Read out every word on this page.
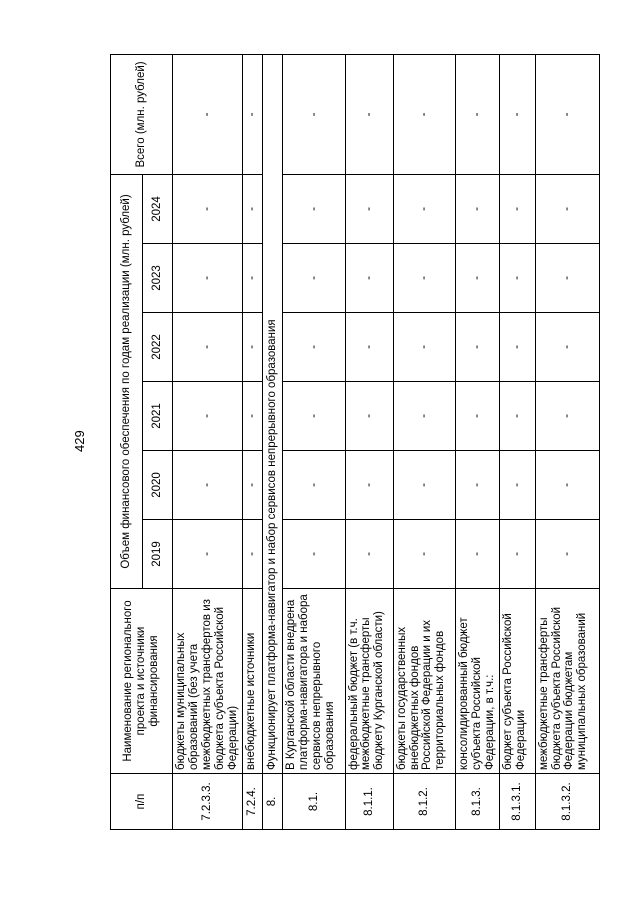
429
п/п	Наименование регионального проекта и источники финансирования	Объем финансового обеспечения по годам реализации (млн. рублей)						Всего (млн. рублей)
		2019	2020	2021	2022	2023	2024	
7.2.3.3.	бюджеты муниципальных образований (без учета межбюджетных трансфертов из бюджета субъекта Российской Федерации)	-	-	-	-	-	-	-
7.2.4.	внебюджетные источники	-	-	-	-	-	-	-
8.	Функционирует платформа-навигатор и набор сервисов непрерывного образования							
8.1.	В Курганской области внедрена платформа-навигатора и набора сервисов непрерывного образования	-	-	-	-	-	-	-
8.1.1.	федеральный бюджет (в т.ч. межбюджетные трансферты бюджету Курганской области)	-	-	-	-	-	-	-
8.1.2.	бюджеты государственных внебюджетных фондов Российской Федерации и их территориальных фондов	-	-	-	-	-	-	-
8.1.3.	консолидированный бюджет субъекта Российской Федерации, в т.ч.:	-	-	-	-	-	-	-
8.1.3.1.	бюджет субъекта Российской Федерации	-	-	-	-	-	-	-
8.1.3.2.	межбюджетные трансферты бюджета субъекта Российской Федерации бюджетам муниципальных образований	-	-	-	-	-	-	-
